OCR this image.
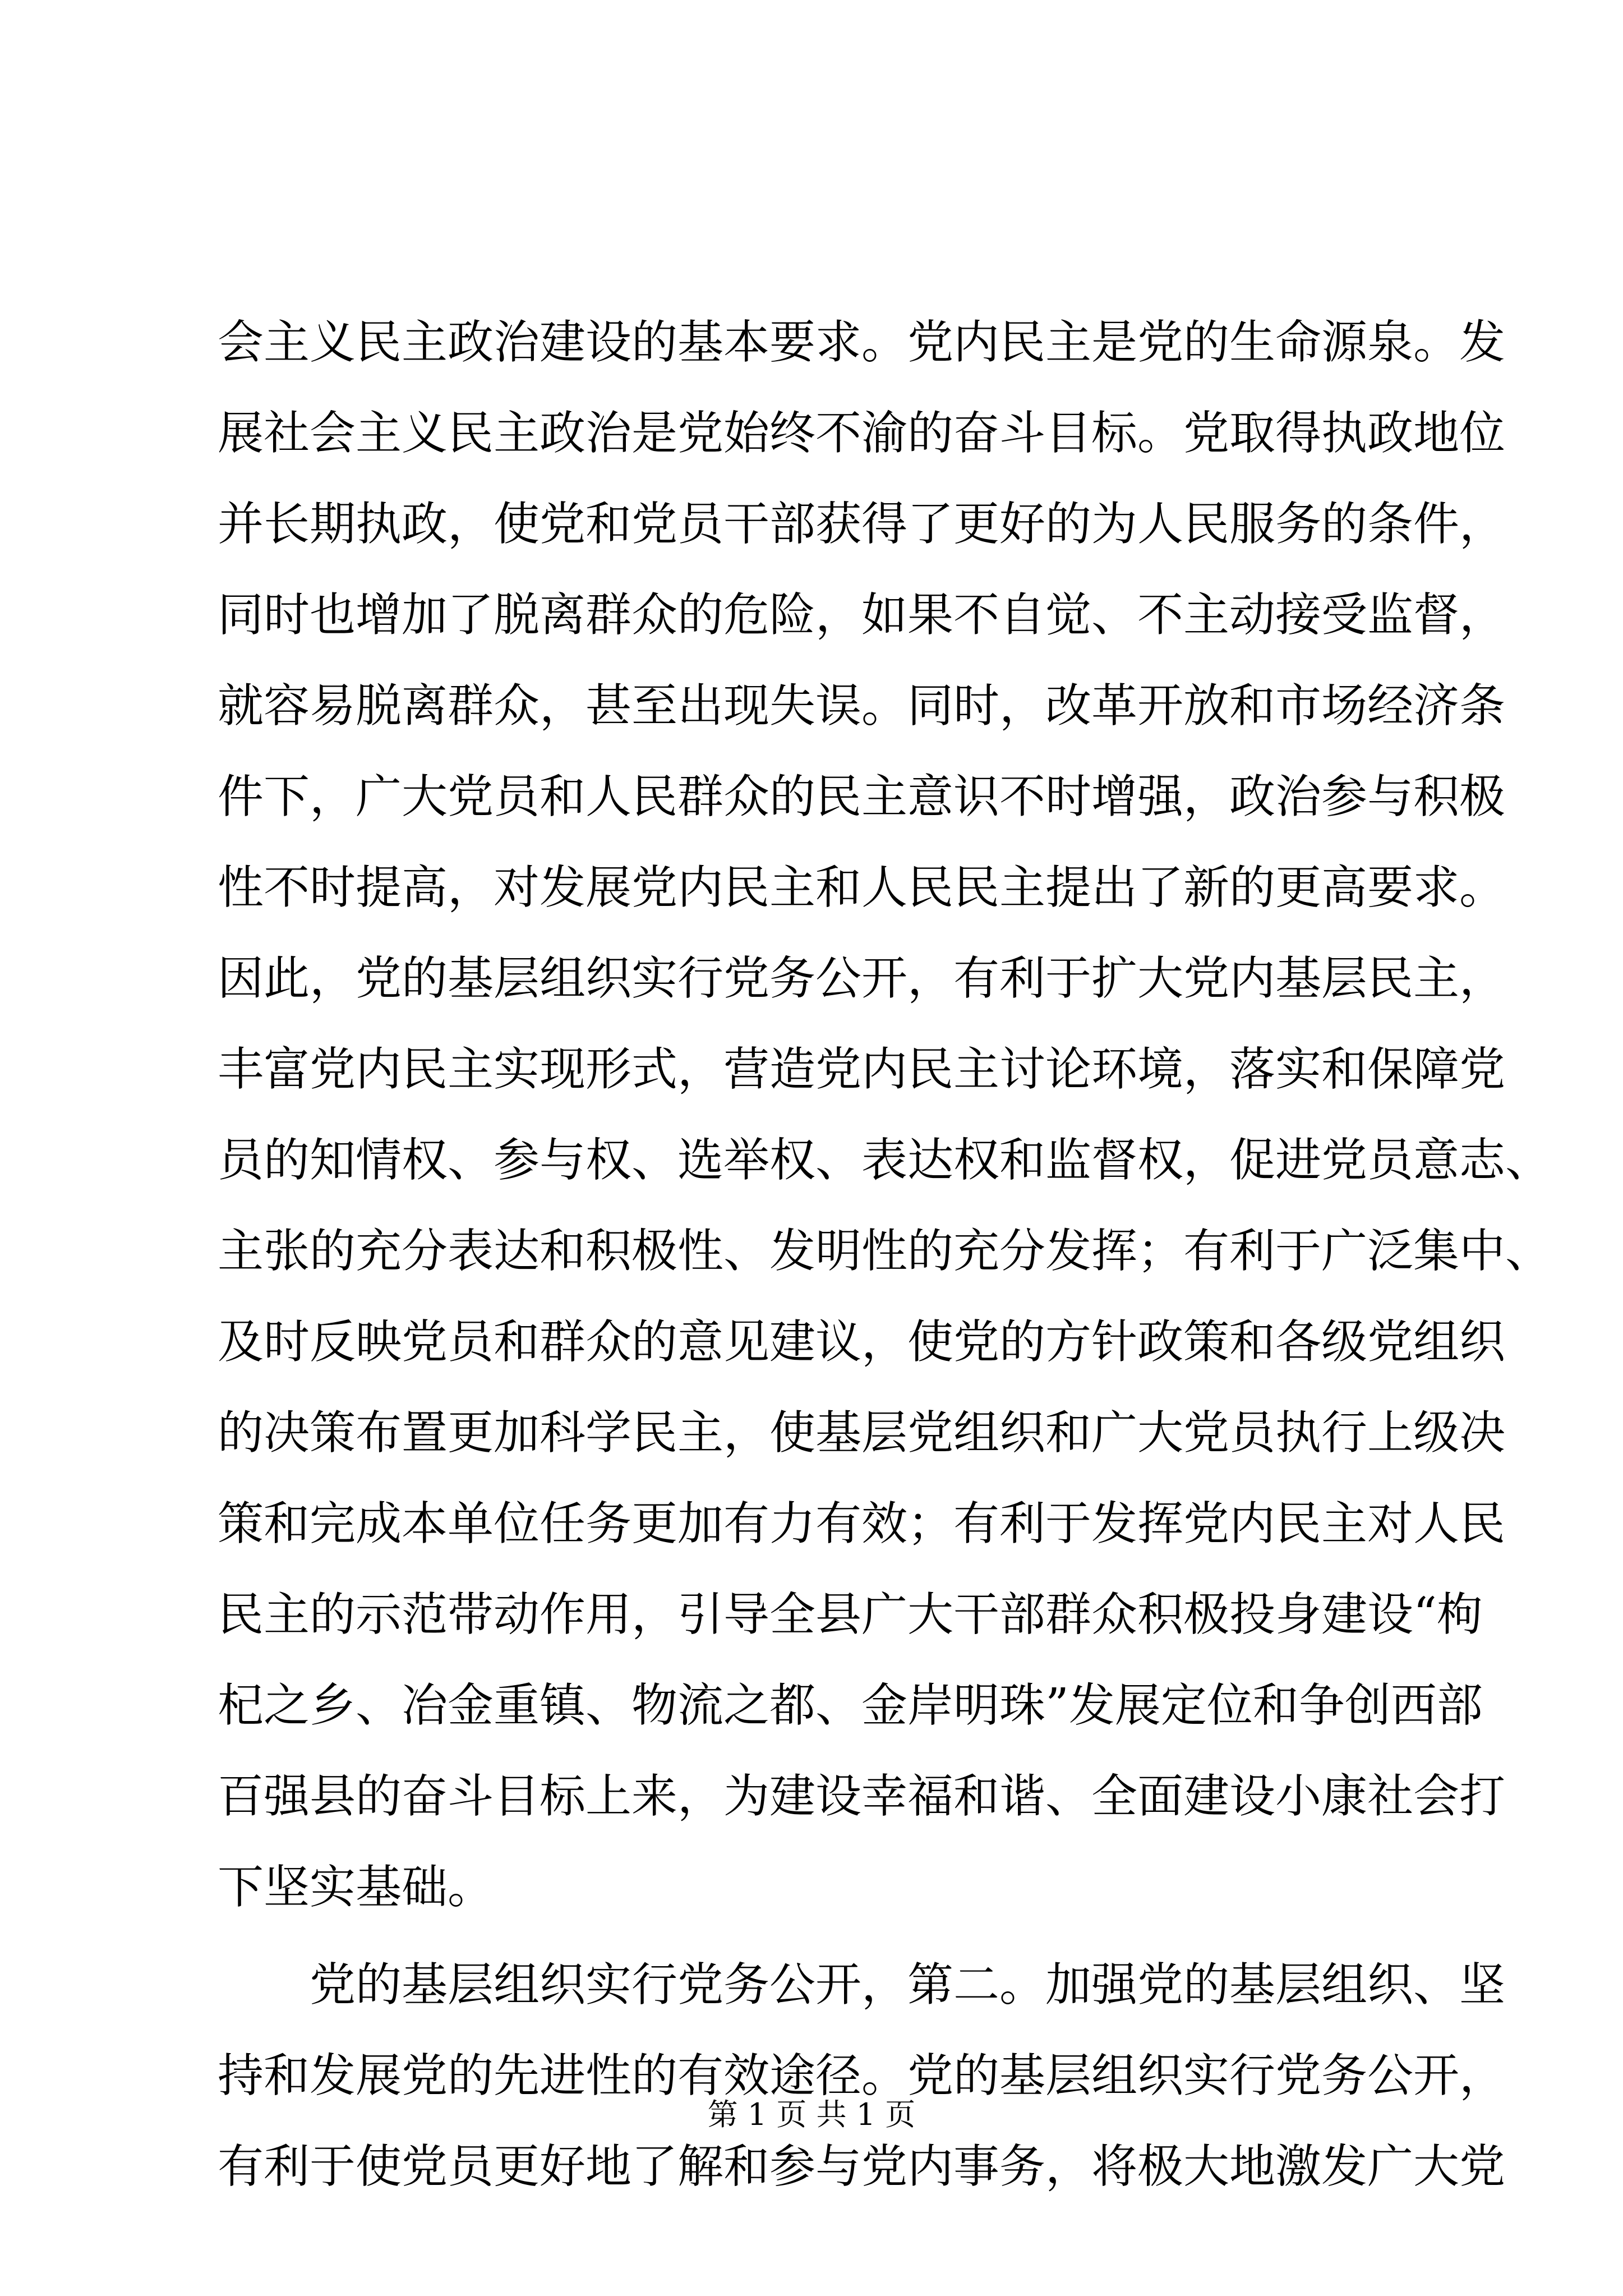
会主义民主政治建设的基本要求。党内民主是党的生命源泉。发
展社会主义民主政治是党始终不渝的奋斗目标。党取得执政地位
并长期执政，使党和党员干部获得了更好的为人民服务的条件，
同时也增加了脱离群众的危险，如果不自觉、不主动接受监督，
就容易脱离群众，甚至出现失误。同时，改革开放和市场经济条
件下，广大党员和人民群众的民主意识不时增强，政治参与积极
性不时提高，对发展党内民主和人民民主提出了新的更高要求。
因此，党的基层组织实行党务公开，有利于扩大党内基层民主，
丰富党内民主实现形式，营造党内民主讨论环境，落实和保障党
员的知情权、参与权、选举权、表达权和监督权，促进党员意志、
主张的充分表达和积极性、发明性的充分发挥；有利于广泛集中、
及时反映党员和群众的意见建议，使党的方针政策和各级党组织
的决策布置更加科学民主，使基层党组织和广大党员执行上级决
策和完成本单位任务更加有力有效；有利于发挥党内民主对人民
民主的示范带动作用，引导全县广大干部群众积极投身建设“枸
杞之乡、冶金重镇、物流之都、金岸明珠”发展定位和争创西部
百强县的奋斗目标上来，为建设幸福和谐、全面建设小康社会打
下坚实基础。
党的基层组织实行党务公开，第二。加强党的基层组织、坚
持和发展党的先进性的有效途径。党的基层组织实行党务公开，
有利于使党员更好地了解和参与党内事务，将极大地激发广大党
第 1 页 共 1 页
